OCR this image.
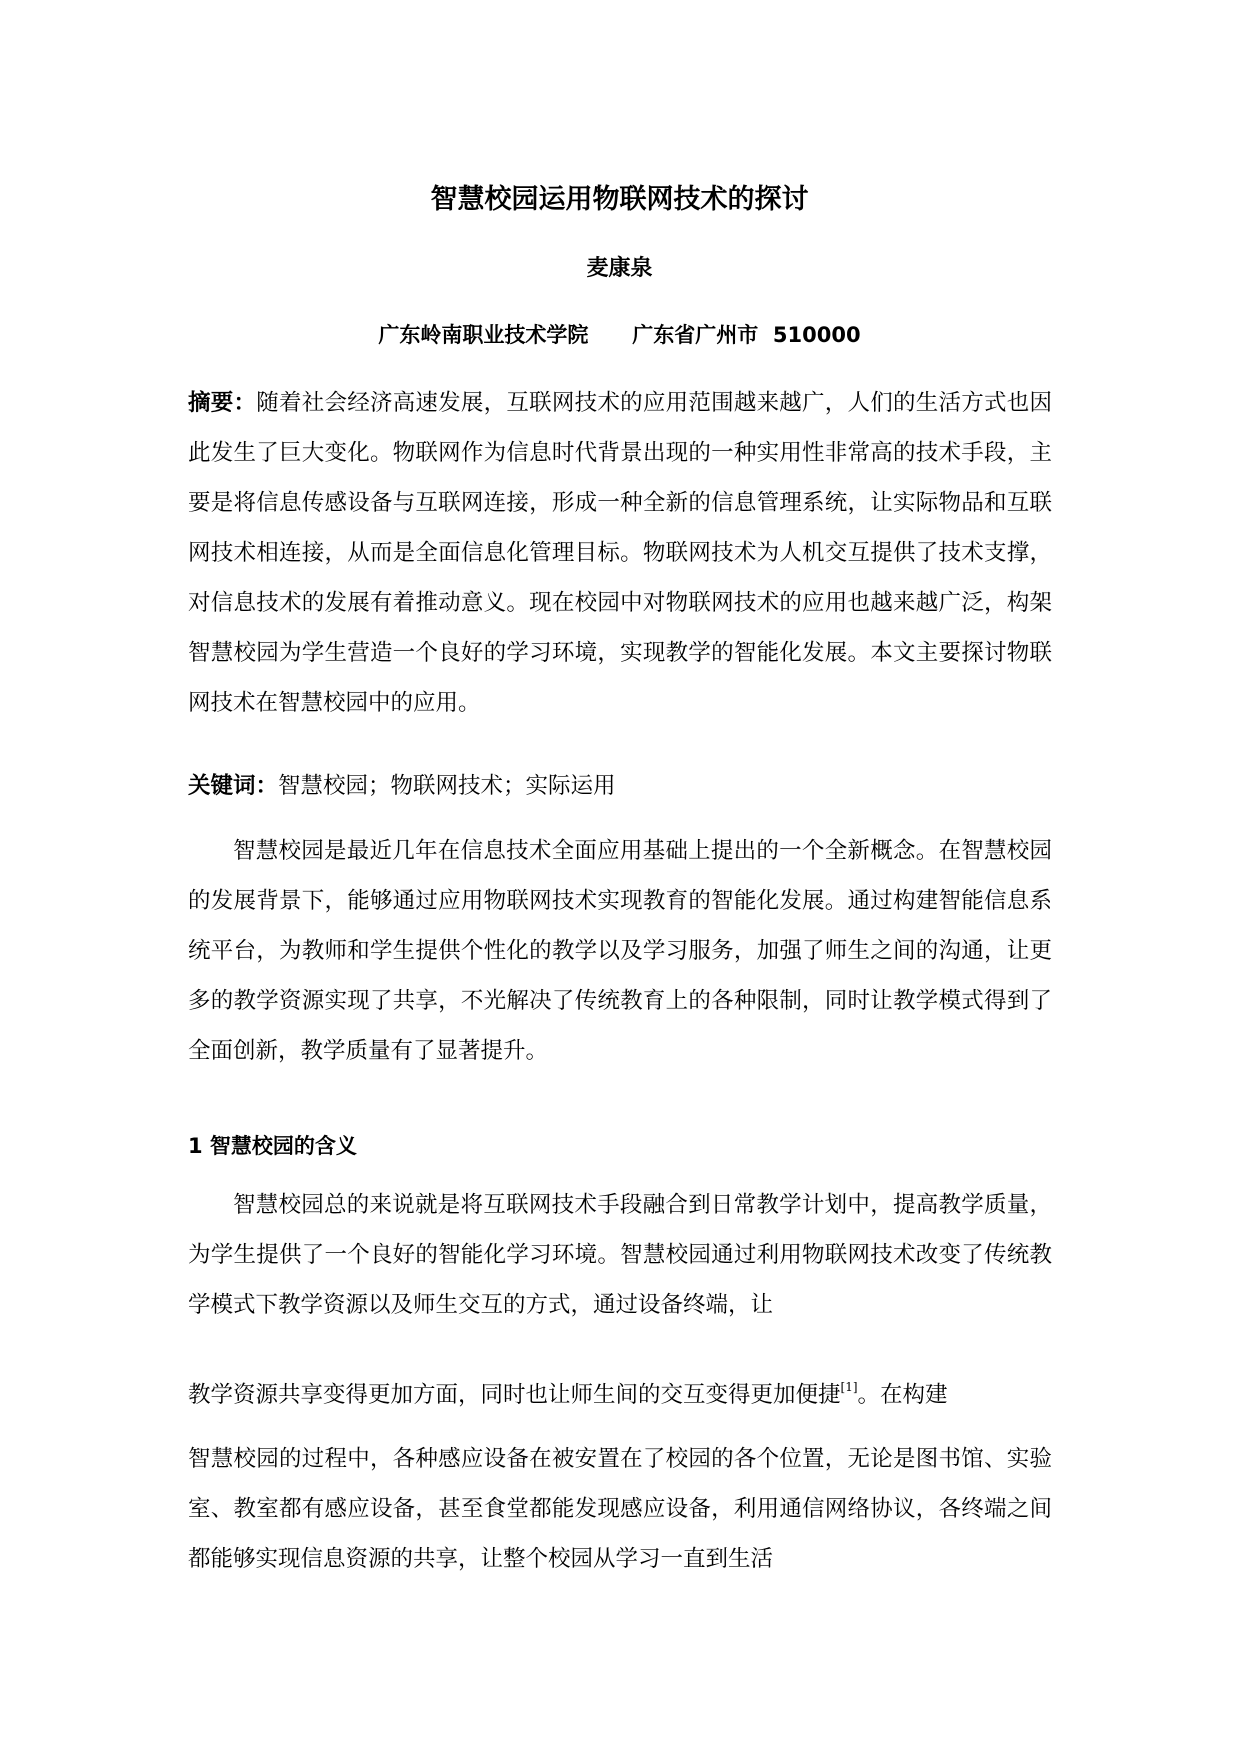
智慧校园运用物联网技术的探讨
麦康泉
广东岭南职业技术学院      广东省广州市  510000
摘要：随着社会经济高速发展，互联网技术的应用范围越来越广，人们的生活方式也因此发生了巨大变化。物联网作为信息时代背景出现的一种实用性非常高的技术手段，主要是将信息传感设备与互联网连接，形成一种全新的信息管理系统，让实际物品和互联网技术相连接，从而是全面信息化管理目标。物联网技术为人机交互提供了技术支撑，对信息技术的发展有着推动意义。现在校园中对物联网技术的应用也越来越广泛，构架智慧校园为学生营造一个良好的学习环境，实现教学的智能化发展。本文主要探讨物联网技术在智慧校园中的应用。
关键词：智慧校园；物联网技术；实际运用
智慧校园是最近几年在信息技术全面应用基础上提出的一个全新概念。在智慧校园的发展背景下，能够通过应用物联网技术实现教育的智能化发展。通过构建智能信息系统平台，为教师和学生提供个性化的教学以及学习服务，加强了师生之间的沟通，让更多的教学资源实现了共享，不光解决了传统教育上的各种限制，同时让教学模式得到了全面创新，教学质量有了显著提升。
1 智慧校园的含义
智慧校园总的来说就是将互联网技术手段融合到日常教学计划中，提高教学质量，为学生提供了一个良好的智能化学习环境。智慧校园通过利用物联网技术改变了传统教学模式下教学资源以及师生交互的方式，通过设备终端，让
教学资源共享变得更加方面，同时也让师生间的交互变得更加便捷[1]。在构建
智慧校园的过程中，各种感应设备在被安置在了校园的各个位置，无论是图书馆、实验室、教室都有感应设备，甚至食堂都能发现感应设备，利用通信网络协议，各终端之间都能够实现信息资源的共享，让整个校园从学习一直到生活
